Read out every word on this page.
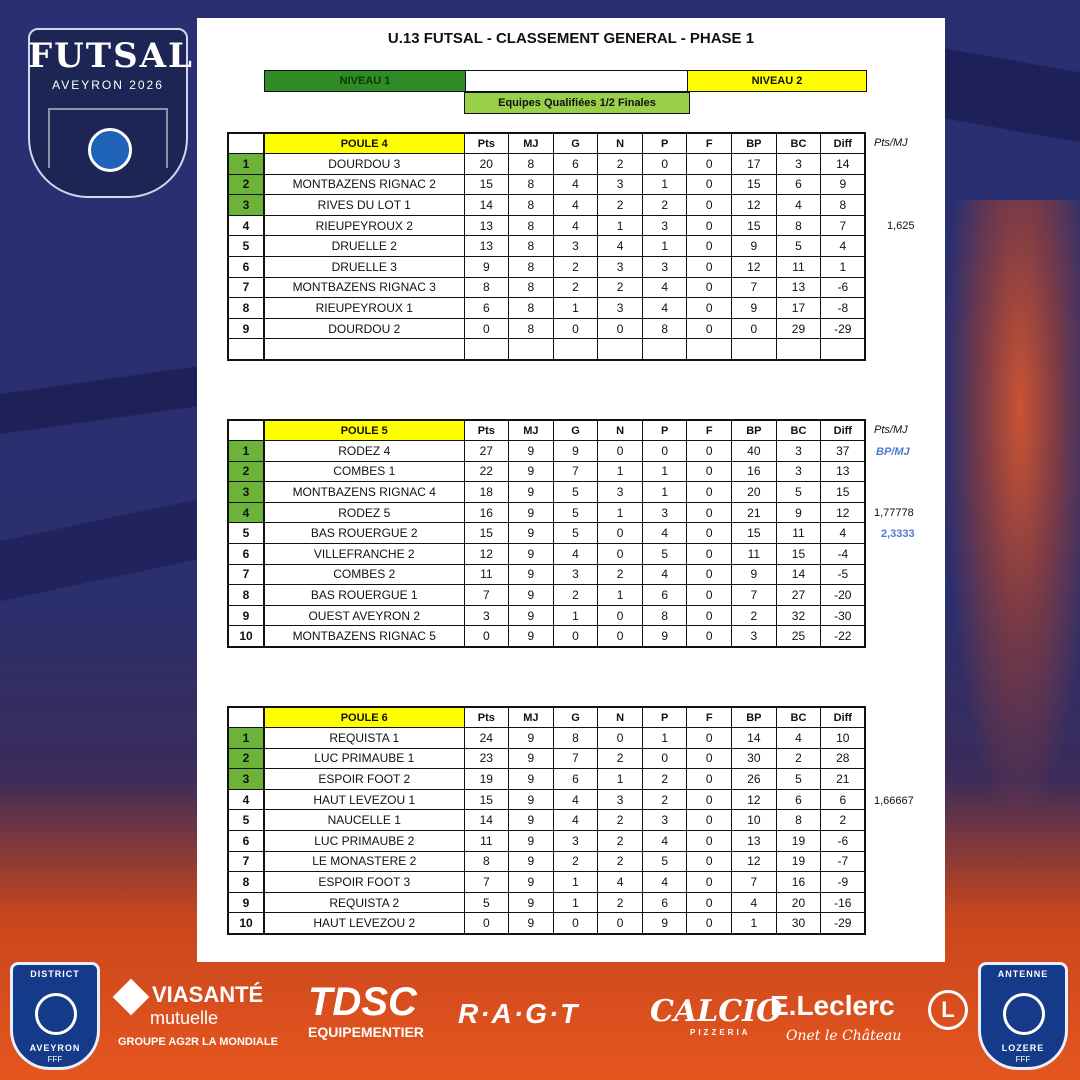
FUTSAL
AVEYRON 2026
U.13 FUTSAL - CLASSEMENT GENERAL - PHASE 1
NIVEAU 1	NIVEAU 2
Equipes Qualifiées 1/2 Finales
	POULE 4	Pts	MJ	G	N	P	F	BP	BC	Diff
1	DOURDOU 3	20	8	6	2	0	0	17	3	14
2	MONTBAZENS RIGNAC 2	15	8	4	3	1	0	15	6	9
3	RIVES DU LOT 1	14	8	4	2	2	0	12	4	8
4	RIEUPEYROUX 2	13	8	4	1	3	0	15	8	7
5	DRUELLE 2	13	8	3	4	1	0	9	5	4
6	DRUELLE 3	9	8	2	3	3	0	12	11	1
7	MONTBAZENS RIGNAC 3	8	8	2	2	4	0	7	13	-6
8	RIEUPEYROUX 1	6	8	1	3	4	0	9	17	-8
9	DOURDOU 2	0	8	0	0	8	0	0	29	-29

	POULE 5	Pts	MJ	G	N	P	F	BP	BC	Diff
1	RODEZ 4	27	9	9	0	0	0	40	3	37
2	COMBES 1	22	9	7	1	1	0	16	3	13
3	MONTBAZENS RIGNAC 4	18	9	5	3	1	0	20	5	15
4	RODEZ 5	16	9	5	1	3	0	21	9	12
5	BAS ROUERGUE 2	15	9	5	0	4	0	15	11	4
6	VILLEFRANCHE 2	12	9	4	0	5	0	11	15	-4
7	COMBES 2	11	9	3	2	4	0	9	14	-5
8	BAS ROUERGUE 1	7	9	2	1	6	0	7	27	-20
9	OUEST AVEYRON 2	3	9	1	0	8	0	2	32	-30
10	MONTBAZENS RIGNAC 5	0	9	0	0	9	0	3	25	-22
	POULE 6	Pts	MJ	G	N	P	F	BP	BC	Diff
1	REQUISTA 1	24	9	8	0	1	0	14	4	10
2	LUC PRIMAUBE 1	23	9	7	2	0	0	30	2	28
3	ESPOIR FOOT 2	19	9	6	1	2	0	26	5	21
4	HAUT LEVEZOU 1	15	9	4	3	2	0	12	6	6
5	NAUCELLE 1	14	9	4	2	3	0	10	8	2
6	LUC PRIMAUBE 2	11	9	3	2	4	0	13	19	-6
7	LE MONASTERE 2	8	9	2	2	5	0	12	19	-7
8	ESPOIR FOOT 3	7	9	1	4	4	0	7	16	-9
9	REQUISTA 2	5	9	1	2	6	0	4	20	-16
10	HAUT LEVEZOU 2	0	9	0	0	9	0	1	30	-29
Pts/MJ
1,625
Pts/MJ
BP/MJ
1,77778
2,3333
1,66667
DISTRICT
AVEYRON
FFF
VIASANTÉ
mutuelle
GROUPE AG2R LA MONDIALE
TDSC
EQUIPEMENTIER
R·A·G·T CALCIO
PIZZERIA
E.Leclerc	L
Onet le Château
ANTENNE
LOZERE
FFF
